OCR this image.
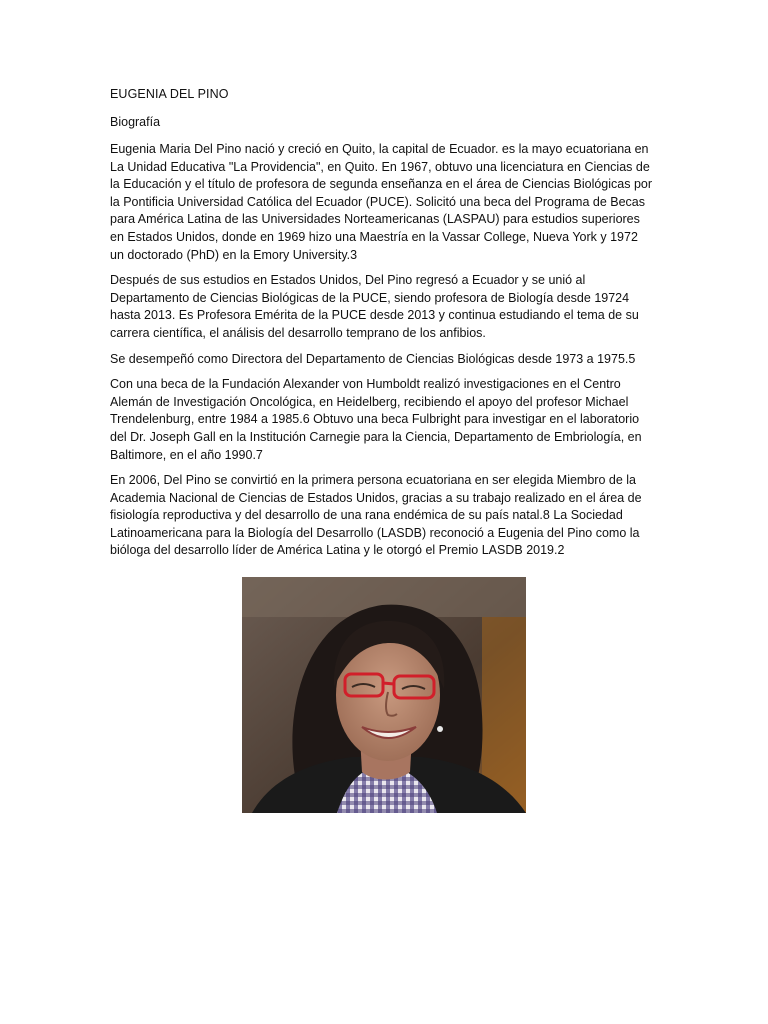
EUGENIA DEL PINO
Biografía

Eugenia Maria Del Pino nació y creció en Quito, la capital de Ecuador. es la mayo ecuatoriana en La Unidad Educativa "La Providencia", en Quito. En 1967, obtuvo una licenciatura en Ciencias de la Educación y el título de profesora de segunda enseñanza en el área de Ciencias Biológicas por la Pontificia Universidad Católica del Ecuador (PUCE). Solicitó una beca del Programa de Becas para América Latina de las Universidades Norteamericanas (LASPAU) para estudios superiores en Estados Unidos, donde en 1969 hizo una Maestría en la Vassar College, Nueva York y 1972 un doctorado (PhD) en la Emory University.3

Después de sus estudios en Estados Unidos, Del Pino regresó a Ecuador y se unió al Departamento de Ciencias Biológicas de la PUCE, siendo profesora de Biología desde 19724 hasta 2013. Es Profesora Emérita de la PUCE desde 2013 y continua estudiando el tema de su carrera científica, el análisis del desarrollo temprano de los anfibios.

Se desempeñó como Directora del Departamento de Ciencias Biológicas desde 1973 a 1975.5

Con una beca de la Fundación Alexander von Humboldt realizó investigaciones en el Centro Alemán de Investigación Oncológica, en Heidelberg, recibiendo el apoyo del profesor Michael Trendelenburg, entre 1984 a 1985.6 Obtuvo una beca Fulbright para investigar en el laboratorio del Dr. Joseph Gall en la Institución Carnegie para la Ciencia, Departamento de Embriología, en Baltimore, en el año 1990.7

En 2006, Del Pino se convirtió en la primera persona ecuatoriana en ser elegida Miembro de la Academia Nacional de Ciencias de Estados Unidos, gracias a su trabajo realizado en el área de fisiología reproductiva y del desarrollo de una rana endémica de su país natal.8 La Sociedad Latinoamericana para la Biología del Desarrollo (LASDB) reconoció a Eugenia del Pino como la bióloga del desarrollo líder de América Latina y le otorgó el Premio LASDB 2019.2
